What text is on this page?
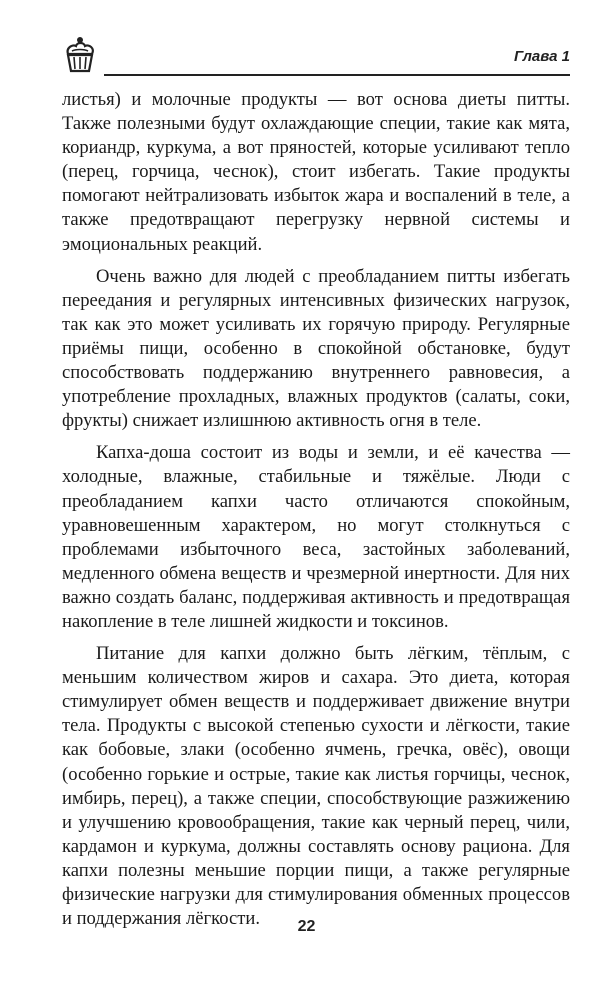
Глава 1

листья) и молочные продукты — вот основа диеты питты. Также полезными будут охлаждающие специи, такие как мята, кориандр, куркума, а вот пряностей, которые усиливают тепло (перец, горчица, чеснок), стоит избегать. Такие продукты помогают нейтрализовать избыток жара и воспалений в теле, а также предотвращают перегрузку нервной системы и эмоциональных реакций.

Очень важно для людей с преобладанием питты избегать переедания и регулярных интенсивных физических нагрузок, так как это может усиливать их горячую природу. Регулярные приёмы пищи, особенно в спокойной обстановке, будут способствовать поддержанию внутреннего равновесия, а употребление прохладных, влажных продуктов (салаты, соки, фрукты) снижает излишнюю активность огня в теле.

Капха-доша состоит из воды и земли, и её качества — холодные, влажные, стабильные и тяжёлые. Люди с преобладанием капхи часто отличаются спокойным, уравновешенным характером, но могут столкнуться с проблемами избыточного веса, застойных заболеваний, медленного обмена веществ и чрезмерной инертности. Для них важно создать баланс, поддерживая активность и предотвращая накопление в теле лишней жидкости и токсинов.

Питание для капхи должно быть лёгким, тёплым, с меньшим количеством жиров и сахара. Это диета, которая стимулирует обмен веществ и поддерживает движение внутри тела. Продукты с высокой степенью сухости и лёгкости, такие как бобовые, злаки (особенно ячмень, гречка, овёс), овощи (особенно горькие и острые, такие как листья горчицы, чеснок, имбирь, перец), а также специи, способствующие разжижению и улучшению кровообращения, такие как черный перец, чили, кардамон и куркума, должны составлять основу рациона. Для капхи полезны меньшие порции пищи, а также регулярные физические нагрузки для стимулирования обменных процессов и поддержания лёгкости.	22
